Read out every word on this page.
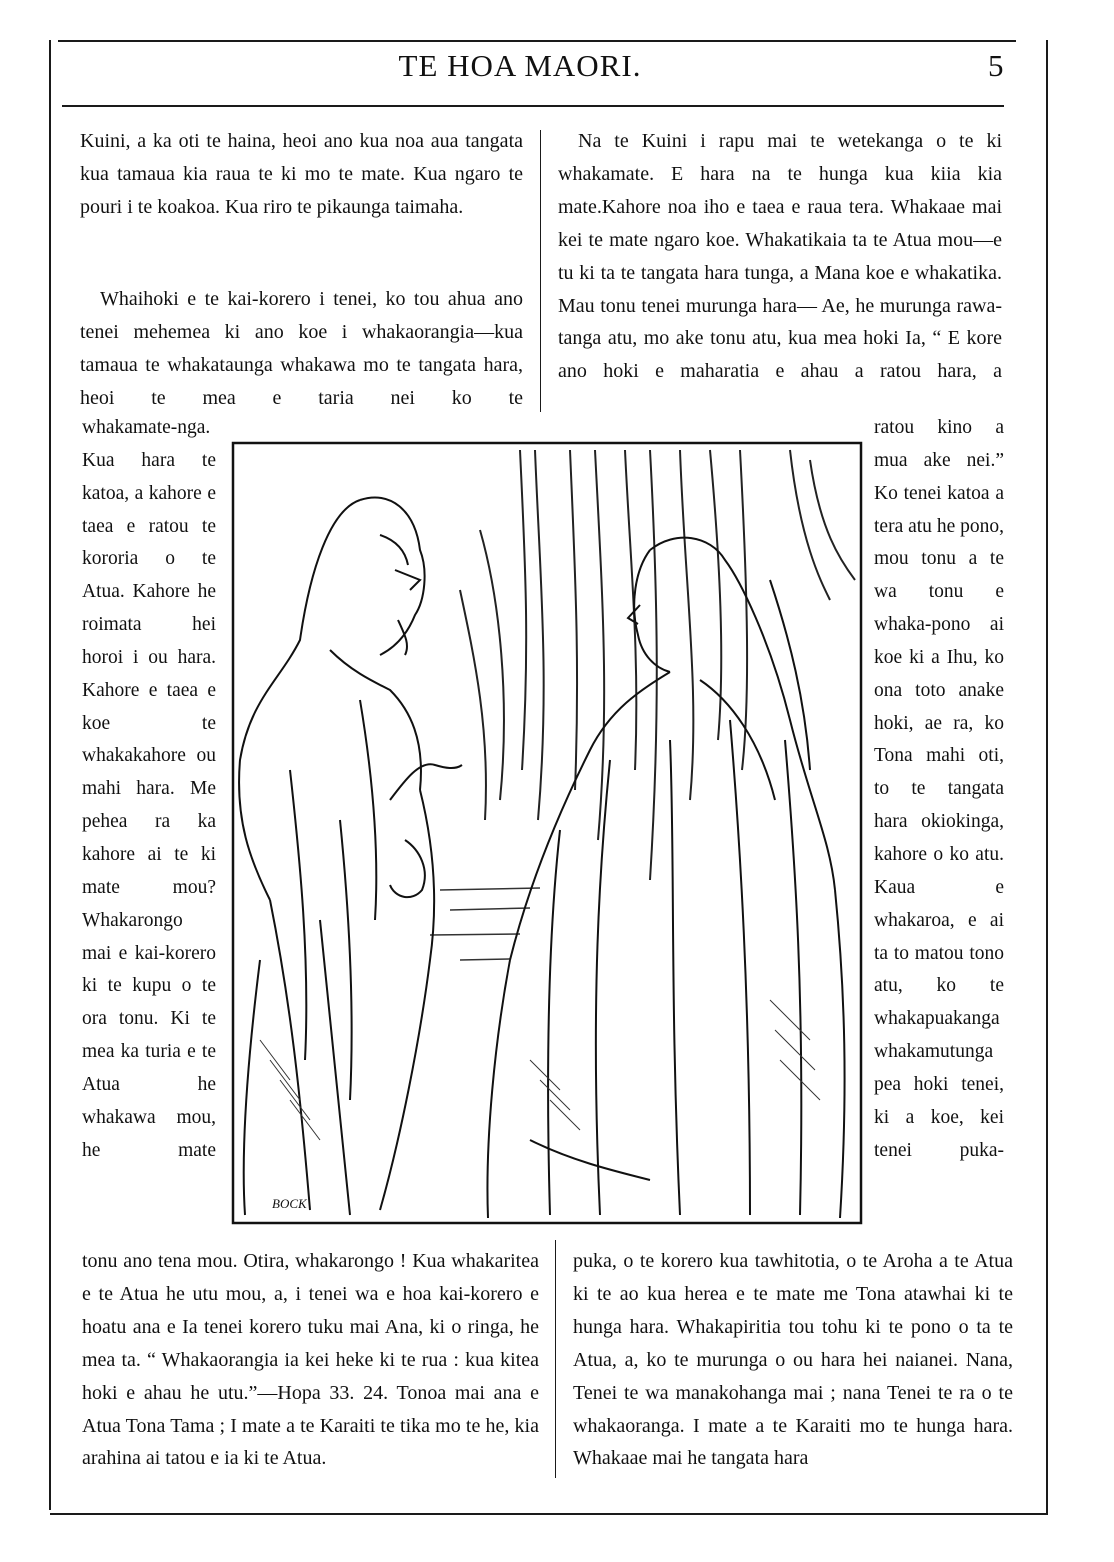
TE HOA MAORI.	5

Kuini, a ka oti te haina, heoi ano kua noa aua tangata kua tamaua kia raua te ki mo te mate. Kua ngaro te pouri i te koakoa. Kua riro te pikaunga taimaha.

Whaihoki e te kai-korero i tenei, ko tou ahua ano tenei mehemea ki ano koe i whakaorangia—kua tamaua te whakataunga whakawa mo te tangata hara, heoi te mea e taria nei ko te

whakamate-nga. Kua hara te katoa, a kahore e taea e ratou te kororia o te Atua. Kahore he roimata hei horoi i ou hara. Kahore e taea e koe te whakakahore ou mahi hara. Me pehea ra ka kahore ai te ki mate mou? Whakarongo mai e kai-korero ki te kupu o te ora tonu. Ki te mea ka turia e te Atua he whakawa mou, he mate

tonu ano tena mou. Otira, whakarongo ! Kua whakaritea e te Atua he utu mou, a, i tenei wa e hoa kai-korero e hoatu ana e Ia tenei korero tuku mai Ana, ki o ringa, he mea ta. “ Whakaorangia ia kei heke ki te rua : kua kitea hoki e ahau he utu.”—Hopa 33. 24. Tonoa mai ana e Atua Tona Tama ; I mate a te Karaiti te tika mo te he, kia arahina ai tatou e ia ki te Atua.

Na te Kuini i rapu mai te wetekanga o te ki whakamate. E hara na te hunga kua kiia kia mate.Kahore noa iho e taea e raua tera. Whakaae mai kei te mate ngaro koe. Whakatikaia ta te Atua mou—e tu ki ta te tangata hara tunga, a Mana koe e whakatika. Mau tonu tenei murunga hara— Ae, he murunga rawa-tanga atu, mo ake tonu atu, kua mea hoki Ia, “ E kore ano hoki e maharatia e ahau a ratou hara, a

ratou kino a mua ake nei.” Ko tenei katoa a tera atu he pono, mou tonu a te wa tonu e whaka-pono ai koe ki a Ihu, ko ona toto anake hoki, ae ra, ko Tona mahi oti, to te tangata hara okiokinga, kahore o ko atu. Kaua e whakaroa, e ai ta to matou tono atu, ko te whakapuakanga whakamutunga pea hoki tenei, ki a koe, kei tenei puka-

puka, o te korero kua tawhitotia, o te Aroha a te Atua ki te ao kua herea e te mate me Tona atawhai ki te hunga hara. Whakapiritia tou tohu ki te pono o ta te Atua, a, ko te murunga o ou hara hei naianei. Nana, Tenei te wa manakohanga mai ; nana Tenei te ra o te whakaoranga. I mate a te Karaiti mo te hunga hara. Whakaae mai he tangata hara

BOCK
